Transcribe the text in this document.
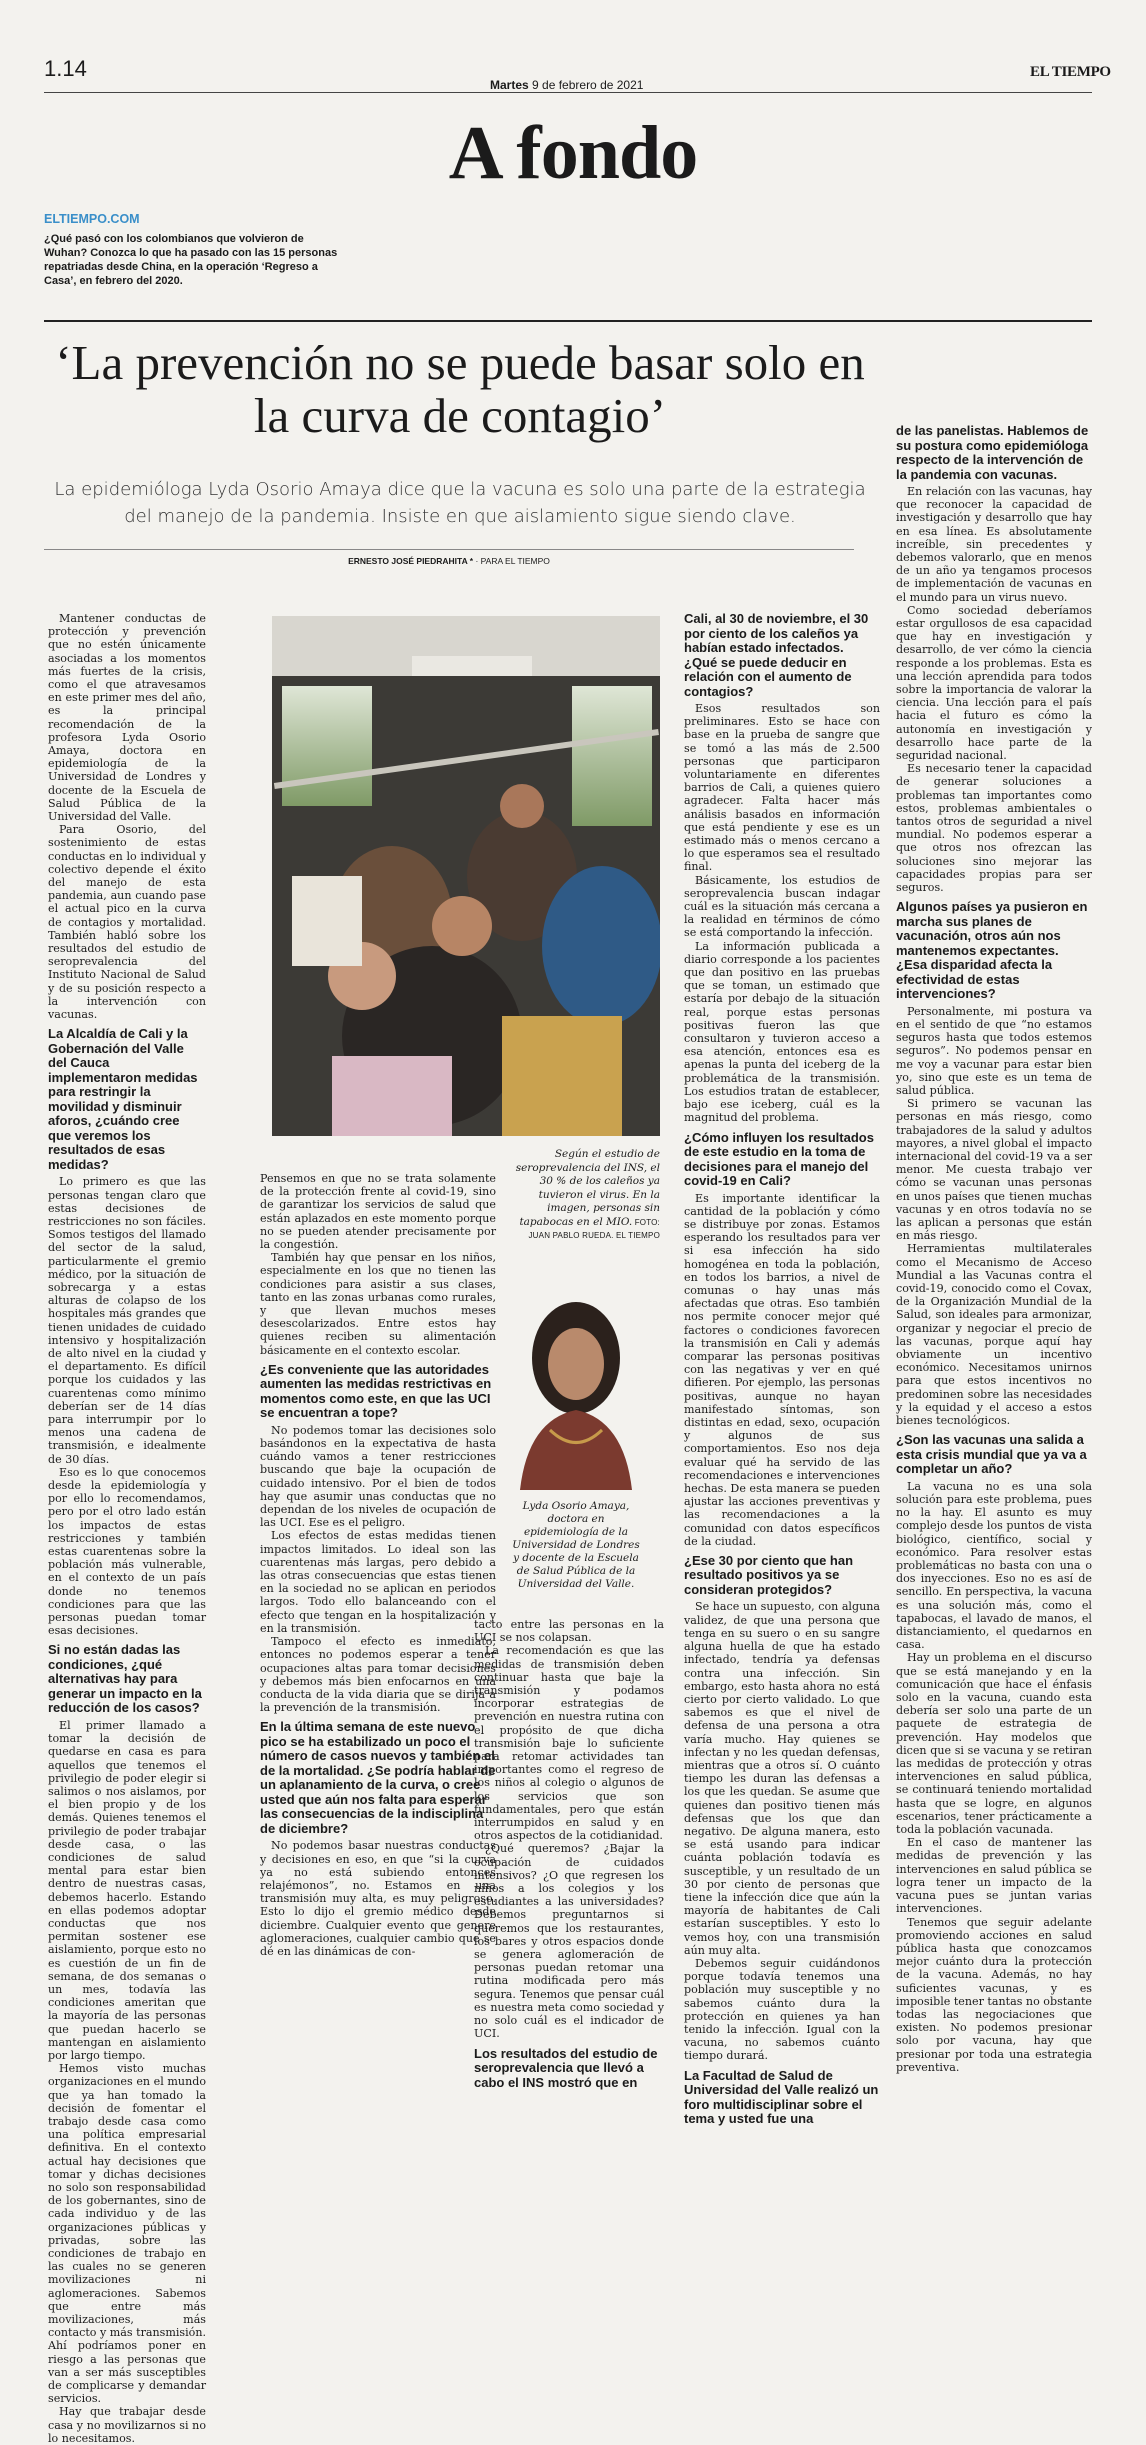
1.14
Martes 9 de febrero de 2021
EL TIEMPO
A fondo
ELTIEMPO.COM
¿Qué pasó con los colombianos que volvieron de Wuhan? Conozca lo que ha pasado con las 15 personas repatriadas desde China, en la operación ‘Regreso a Casa’, en febrero del 2020.
‘La prevención no se puede basar solo en la curva de contagio’
La epidemióloga Lyda Osorio Amaya dice que la vacuna es solo una parte de la estrategia del manejo de la pandemia. Insiste en que aislamiento sigue siendo clave.
ERNESTO JOSÉ PIEDRAHITA * · PARA EL TIEMPO

Mantener conductas de protección y prevención que no estén únicamente asociadas a los momentos más fuertes de la crisis, como el que atravesamos en este primer mes del año, es la principal recomendación de la profesora Lyda Osorio Amaya, doctora en epidemiología de la Universidad de Londres y docente de la Escuela de Salud Pública de la Universidad del Valle.

Para Osorio, del sostenimiento de estas conductas en lo individual y colectivo depende el éxito del manejo de esta pandemia, aun cuando pase el actual pico en la curva de contagios y mortalidad. También habló sobre los resultados del estudio de seroprevalencia del Instituto Nacional de Salud y de su posición respecto a la intervención con vacunas.

La Alcaldía de Cali y la Gobernación del Valle del Cauca implementaron medidas para restringir la movilidad y disminuir aforos, ¿cuándo cree que veremos los resultados de esas medidas?

Lo primero es que las personas tengan claro que estas decisiones de restricciones no son fáciles. Somos testigos del llamado del sector de la salud, particularmente el gremio médico, por la situación de sobrecarga y a estas alturas de colapso de los hospitales más grandes que tienen unidades de cuidado intensivo y hospitalización de alto nivel en la ciudad y el departamento. Es difícil porque los cuidados y las cuarentenas como mínimo deberían ser de 14 días para interrumpir por lo menos una cadena de transmisión, e idealmente de 30 días.

Eso es lo que conocemos desde la epidemiología y por ello lo recomendamos, pero por el otro lado están los impactos de estas restricciones y también estas cuarentenas sobre la población más vulnerable, en el contexto de un país donde no tenemos condiciones para que las personas puedan tomar esas decisiones.

Si no están dadas las condiciones, ¿qué alternativas hay para generar un impacto en la reducción de los casos?

El primer llamado a tomar la decisión de quedarse en casa es para aquellos que tenemos el privilegio de poder elegir si salimos o nos aislamos, por el bien propio y de los demás. Quienes tenemos el privilegio de poder trabajar desde casa, o las condiciones de salud mental para estar bien dentro de nuestras casas, debemos hacerlo. Estando en ellas podemos adoptar conductas que nos permitan sostener ese aislamiento, porque esto no es cuestión de un fin de semana, de dos semanas o un mes, todavía las condiciones ameritan que la mayoría de las personas que puedan hacerlo se mantengan en aislamiento por largo tiempo.

Hemos visto muchas organizaciones en el mundo que ya han tomado la decisión de fomentar el trabajo desde casa como una política empresarial definitiva. En el contexto actual hay decisiones que tomar y dichas decisiones no solo son responsabilidad de los gobernantes, sino de cada individuo y de las organizaciones públicas y privadas, sobre las condiciones de trabajo en las cuales no se generen movilizaciones ni aglomeraciones. Sabemos que entre más movilizaciones, más contacto y más transmisión. Ahí podríamos poner en riesgo a las personas que van a ser más susceptibles de complicarse y demandar servicios.

Hay que trabajar desde casa y no movilizarnos si no lo necesitamos.

Según el estudio de seroprevalencia del INS, el 30 % de los caleños ya tuvieron el virus. En la imagen, personas sin tapabocas en el MIO. FOTO:
JUAN PABLO RUEDA. EL TIEMPO

Pensemos en que no se trata solamente de la protección frente al covid-19, sino de garantizar los servicios de salud que están aplazados en este momento porque no se pueden atender precisamente por la congestión.

También hay que pensar en los niños, especialmente en los que no tienen las condiciones para asistir a sus clases, tanto en las zonas urbanas como rurales, y que llevan muchos meses desescolarizados. Entre estos hay quienes reciben su alimentación básicamente en el contexto escolar.

¿Es conveniente que las autoridades aumenten las medidas restrictivas en momentos como este, en que las UCI se encuentran a tope?

No podemos tomar las decisiones solo basándonos en la expectativa de hasta cuándo vamos a tener restricciones buscando que baje la ocupación de cuidado intensivo. Por el bien de todos hay que asumir unas conductas que no dependan de los niveles de ocupación de las UCI. Ese es el peligro.

Los efectos de estas medidas tienen impactos limitados. Lo ideal son las cuarentenas más largas, pero debido a las otras consecuencias que estas tienen en la sociedad no se aplican en periodos largos. Todo ello balanceando con el efecto que tengan en la hospitalización y en la transmisión.

Tampoco el efecto es inmediato, entonces no podemos esperar a tener ocupaciones altas para tomar decisiones y debemos más bien enfocarnos en una conducta de la vida diaria que se dirija a la prevención de la transmisión.

En la última semana de este nuevo pico se ha estabilizado un poco el número de casos nuevos y también el de la mortalidad. ¿Se podría hablar de un aplanamiento de la curva, o cree usted que aún nos falta para esperar las consecuencias de la indisciplina de diciembre?

No podemos basar nuestras conductas y decisiones en eso, en que “si la curva ya no está subiendo entonces relajémonos”, no. Estamos en una transmisión muy alta, es muy peligroso. Esto lo dijo el gremio médico desde diciembre. Cualquier evento que genere aglomeraciones, cualquier cambio que se dé en las dinámicas de con-

Lyda Osorio Amaya, doctora en epidemiología de la Universidad de Londres y docente de la Escuela de Salud Pública de la Universidad del Valle.

tacto entre las personas en la UCI se nos colapsan.

La recomendación es que las medidas de transmisión deben continuar hasta que baje la transmisión y podamos incorporar estrategias de prevención en nuestra rutina con el propósito de que dicha transmisión baje lo suficiente para retomar actividades tan importantes como el regreso de los niños al colegio o algunos de los servicios que son fundamentales, pero que están interrumpidos en salud y en otros aspectos de la cotidianidad.

¿Qué queremos? ¿Bajar la ocupación de cuidados intensivos? ¿O que regresen los niños a los colegios y los estudiantes a las universidades? Debemos preguntarnos si queremos que los restaurantes, los bares y otros espacios donde se genera aglomeración de personas puedan retomar una rutina modificada pero más segura. Tenemos que pensar cuál es nuestra meta como sociedad y no solo cuál es el indicador de UCI.

Los resultados del estudio de seroprevalencia que llevó a cabo el INS mostró que en
Cali, al 30 de noviembre, el 30 por ciento de los caleños ya habían estado infectados. ¿Qué se puede deducir en relación con el aumento de contagios?

Esos resultados son preliminares. Esto se hace con base en la prueba de sangre que se tomó a las más de 2.500 personas que participaron voluntariamente en diferentes barrios de Cali, a quienes quiero agradecer. Falta hacer más análisis basados en información que está pendiente y ese es un estimado más o menos cercano a lo que esperamos sea el resultado final.

Básicamente, los estudios de seroprevalencia buscan indagar cuál es la situación más cercana a la realidad en términos de cómo se está comportando la infección.

La información publicada a diario corresponde a los pacientes que dan positivo en las pruebas que se toman, un estimado que estaría por debajo de la situación real, porque estas personas positivas fueron las que consultaron y tuvieron acceso a esa atención, entonces esa es apenas la punta del iceberg de la problemática de la transmisión. Los estudios tratan de establecer, bajo ese iceberg, cuál es la magnitud del problema.

¿Cómo influyen los resultados de este estudio en la toma de decisiones para el manejo del covid-19 en Cali?

Es importante identificar la cantidad de la población y cómo se distribuye por zonas. Estamos esperando los resultados para ver si esa infección ha sido homogénea en toda la población, en todos los barrios, a nivel de comunas o hay unas más afectadas que otras. Eso también nos permite conocer mejor qué factores o condiciones favorecen la transmisión en Cali y además comparar las personas positivas con las negativas y ver en qué difieren. Por ejemplo, las personas positivas, aunque no hayan manifestado síntomas, son distintas en edad, sexo, ocupación y algunos de sus comportamientos. Eso nos deja evaluar qué ha servido de las recomendaciones e intervenciones hechas. De esta manera se pueden ajustar las acciones preventivas y las recomendaciones a la comunidad con datos específicos de la ciudad.

¿Ese 30 por ciento que han resultado positivos ya se consideran protegidos?

Se hace un supuesto, con alguna validez, de que una persona que tenga en su suero o en su sangre alguna huella de que ha estado infectado, tendría ya defensas contra una infección. Sin embargo, esto hasta ahora no está cierto por cierto validado. Lo que sabemos es que el nivel de defensa de una persona a otra varía mucho. Hay quienes se infectan y no les quedan defensas, mientras que a otros sí. O cuánto tiempo les duran las defensas a los que les quedan. Se asume que quienes dan positivo tienen más defensas que los que dan negativo. De alguna manera, esto se está usando para indicar cuánta población todavía es susceptible, y un resultado de un 30 por ciento de personas que tiene la infección dice que aún la mayoría de habitantes de Cali estarían susceptibles. Y esto lo vemos hoy, con una transmisión aún muy alta.

Debemos seguir cuidándonos porque todavía tenemos una población muy susceptible y no sabemos cuánto dura la protección en quienes ya han tenido la infección. Igual con la vacuna, no sabemos cuánto tiempo durará.

La Facultad de Salud de Universidad del Valle realizó un foro multidisciplinar sobre el tema y usted fue una
de las panelistas. Hablemos de su postura como epidemióloga respecto de la intervención de la pandemia con vacunas.

En relación con las vacunas, hay que reconocer la capacidad de investigación y desarrollo que hay en esa línea. Es absolutamente increíble, sin precedentes y debemos valorarlo, que en menos de un año ya tengamos procesos de implementación de vacunas en el mundo para un virus nuevo.

Como sociedad deberíamos estar orgullosos de esa capacidad que hay en investigación y desarrollo, de ver cómo la ciencia responde a los problemas. Esta es una lección aprendida para todos sobre la importancia de valorar la ciencia. Una lección para el país hacia el futuro es cómo la autonomía en investigación y desarrollo hace parte de la seguridad nacional.

Es necesario tener la capacidad de generar soluciones a problemas tan importantes como estos, problemas ambientales o tantos otros de seguridad a nivel mundial. No podemos esperar a que otros nos ofrezcan las soluciones sino mejorar las capacidades propias para ser seguros.

Algunos países ya pusieron en marcha sus planes de vacunación, otros aún nos mantenemos expectantes. ¿Esa disparidad afecta la efectividad de estas intervenciones?

Personalmente, mi postura va en el sentido de que “no estamos seguros hasta que todos estemos seguros”. No podemos pensar en me voy a vacunar para estar bien yo, sino que este es un tema de salud pública.

Si primero se vacunan las personas en más riesgo, como trabajadores de la salud y adultos mayores, a nivel global el impacto internacional del covid-19 va a ser menor. Me cuesta trabajo ver cómo se vacunan unas personas en unos países que tienen muchas vacunas y en otros todavía no se las aplican a personas que están en más riesgo.

Herramientas multilaterales como el Mecanismo de Acceso Mundial a las Vacunas contra el covid-19, conocido como el Covax, de la Organización Mundial de la Salud, son ideales para armonizar, organizar y negociar el precio de las vacunas, porque aquí hay obviamente un incentivo económico. Necesitamos unirnos para que estos incentivos no predominen sobre las necesidades y la equidad y el acceso a estos bienes tecnológicos.

¿Son las vacunas una salida a esta crisis mundial que ya va a completar un año?

La vacuna no es una sola solución para este problema, pues no la hay. El asunto es muy complejo desde los puntos de vista biológico, científico, social y económico. Para resolver estas problemáticas no basta con una o dos inyecciones. Eso no es así de sencillo. En perspectiva, la vacuna es una solución más, como el tapabocas, el lavado de manos, el distanciamiento, el quedarnos en casa.

Hay un problema en el discurso que se está manejando y en la comunicación que hace el énfasis solo en la vacuna, cuando esta debería ser solo una parte de un paquete de estrategia de prevención. Hay modelos que dicen que si se vacuna y se retiran las medidas de protección y otras intervenciones en salud pública, se continuará teniendo mortalidad hasta que se logre, en algunos escenarios, tener prácticamente a toda la población vacunada.

En el caso de mantener las medidas de prevención y las intervenciones en salud pública se logra tener un impacto de la vacuna pues se juntan varias intervenciones.

Tenemos que seguir adelante promoviendo acciones en salud pública hasta que conozcamos mejor cuánto dura la protección de la vacuna. Además, no hay suficientes vacunas, y es imposible tener tantas no obstante todas las negociaciones que existen. No podemos presionar solo por vacuna, hay que presionar por toda una estrategia preventiva.
